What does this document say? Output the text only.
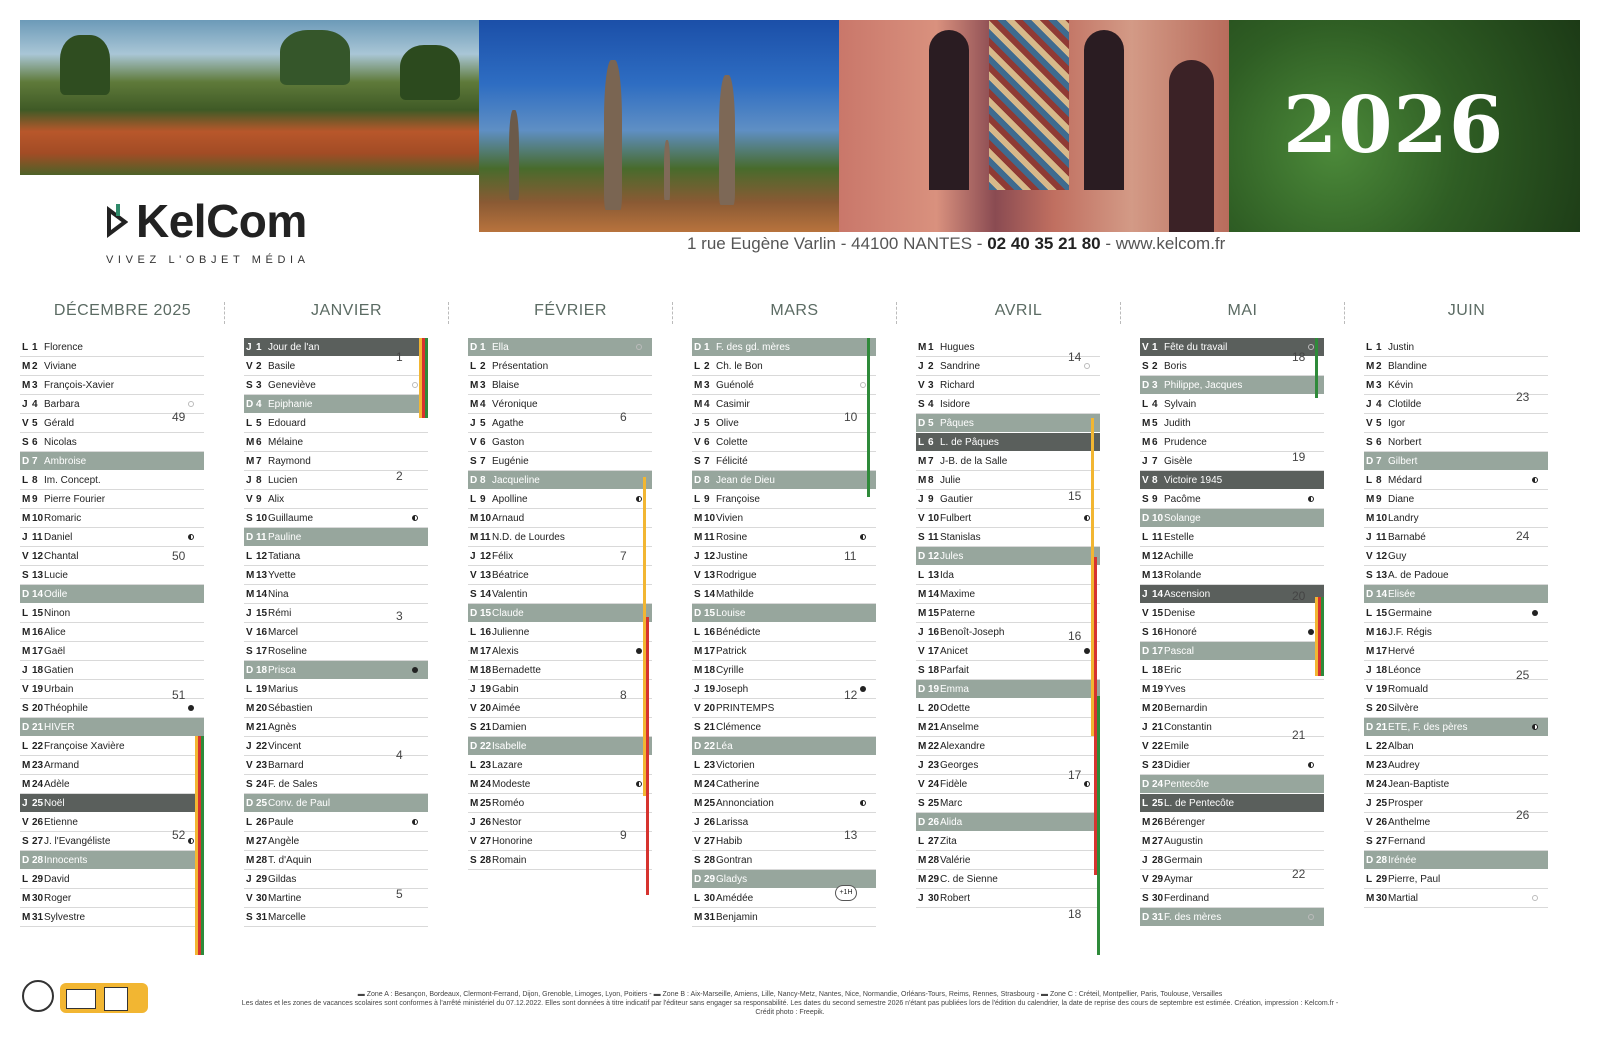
2026
KelCom
VIVEZ L'OBJET MÉDIA
1 rue Eugène Varlin - 44100 NANTES - 02 40 35 21 80 - www.kelcom.fr
DÉCEMBRE 2025
L 1 Florence
M 2 Viviane
M 3 François-Xavier
J 4 Barbara
V 5 Gérald
S 6 Nicolas
D 7 Ambroise
L 8 Im. Concept.
M 9 Pierre Fourier
M 10Romaric
J 11Daniel
V 12Chantal
S 13Lucie
D 14Odile
L 15Ninon
M 16Alice
M 17Gaël
J 18Gatien
V 19Urbain
S 20Théophile
D 21HIVER
L 22Françoise Xavière
M 23Armand
M 24Adèle
J 25Noël
V 26Etienne
S 27J. l'Evangéliste
D 28Innocents
L 29David
M 30Roger
M 31Sylvestre
49
50
51
52
JANVIER
J 1 Jour de l'an
V 2 Basile
S 3 Geneviève
D 4 Epiphanie
L 5 Edouard
M 6 Mélaine
M 7 Raymond
J 8 Lucien
V 9 Alix
S 10Guillaume
D 11Pauline
L 12Tatiana
M 13Yvette
M 14Nina
J 15Rémi
V 16Marcel
S 17Roseline
D 18Prisca
L 19Marius
M 20Sébastien
M 21Agnès
J 22Vincent
V 23Barnard
S 24F. de Sales
D 25Conv. de Paul
L 26Paule
M 27Angèle
M 28T. d'Aquin
J 29Gildas
V 30Martine
S 31Marcelle
1
2
3
4
5
FÉVRIER
D 1 Ella
L 2 Présentation
M 3 Blaise
M 4 Véronique
J 5 Agathe
V 6 Gaston
S 7 Eugénie
D 8 Jacqueline
L 9 Apolline
M 10Arnaud
M 11N.D. de Lourdes
J 12Félix
V 13Béatrice
S 14Valentin
D 15Claude
L 16Julienne
M 17Alexis
M 18Bernadette
J 19Gabin
V 20Aimée
S 21Damien
D 22Isabelle
L 23Lazare
M 24Modeste
M 25Roméo
J 26Nestor
V 27Honorine
S 28Romain
6
7
8
9
MARS
D 1 F. des gd. mères
L 2 Ch. le Bon
M 3 Guénolé
M 4 Casimir
J 5 Olive
V 6 Colette
S 7 Félicité
D 8 Jean de Dieu
L 9 Françoise
M 10Vivien
M 11Rosine
J 12Justine
V 13Rodrigue
S 14Mathilde
D 15Louise
L 16Bénédicte
M 17Patrick
M 18Cyrille
J 19Joseph
V 20PRINTEMPS
S 21Clémence
D 22Léa
L 23Victorien
M 24Catherine
M 25Annonciation
J 26Larissa
V 27Habib
S 28Gontran
D 29Gladys
L 30Amédée
M 31Benjamin
10
11
12
13
AVRIL
M 1 Hugues
J 2 Sandrine
V 3 Richard
S 4 Isidore
D 5 Pâques
L 6 L. de Pâques
M 7 J-B. de la Salle
M 8 Julie
J 9 Gautier
V 10Fulbert
S 11Stanislas
D 12Jules
L 13Ida
M 14Maxime
M 15Paterne
J 16Benoît-Joseph
V 17Anicet
S 18Parfait
D 19Emma
L 20Odette
M 21Anselme
M 22Alexandre
J 23Georges
V 24Fidèle
S 25Marc
D 26Alida
L 27Zita
M 28Valérie
M 29C. de Sienne
J 30Robert
14
15
16
17
18
MAI
V 1 Fête du travail
S 2 Boris
D 3 Philippe, Jacques
L 4 Sylvain
M 5 Judith
M 6 Prudence
J 7 Gisèle
V 8 Victoire 1945
S 9 Pacôme
D 10Solange
L 11Estelle
M 12Achille
M 13Rolande
J 14Ascension
V 15Denise
S 16Honoré
D 17Pascal
L 18Eric
M 19Yves
M 20Bernardin
J 21Constantin
V 22Emile
S 23Didier
D 24Pentecôte
L 25L. de Pentecôte
M 26Bérenger
M 27Augustin
J 28Germain
V 29Aymar
S 30Ferdinand
D 31F. des mères
18
19
20
21
22
JUIN
L 1 Justin
M 2 Blandine
M 3 Kévin
J 4 Clotilde
V 5 Igor
S 6 Norbert
D 7 Gilbert
L 8 Médard
M 9 Diane
M 10Landry
J 11Barnabé
V 12Guy
S 13A. de Padoue
D 14Elisée
L 15Germaine
M 16J.F. Régis
M 17Hervé
J 18Léonce
V 19Romuald
S 20Silvère
D 21ETE, F. des pères
L 22Alban
M 23Audrey
M 24Jean-Baptiste
J 25Prosper
V 26Anthelme
S 27Fernand
D 28Irénée
L 29Pierre, Paul
M 30Martial
23
24
25
26
+1H
▬ Zone A : Besançon, Bordeaux, Clermont-Ferrand, Dijon, Grenoble, Limoges, Lyon, Poitiers - ▬ Zone B : Aix-Marseille, Amiens, Lille, Nancy-Metz, Nantes, Nice, Normandie, Orléans-Tours, Reims, Rennes, Strasbourg - ▬ Zone C : Créteil, Montpellier, Paris, Toulouse, Versailles
Les dates et les zones de vacances scolaires sont conformes à l'arrêté ministériel du 07.12.2022. Elles sont données à titre indicatif par l'éditeur sans engager sa responsabilité. Les dates du second semestre 2026 n'étant pas publiées lors de l'édition du calendrier, la date de reprise des cours de septembre est estimée. Création, impression : Kelcom.fr - Crédit photo : Freepik.
